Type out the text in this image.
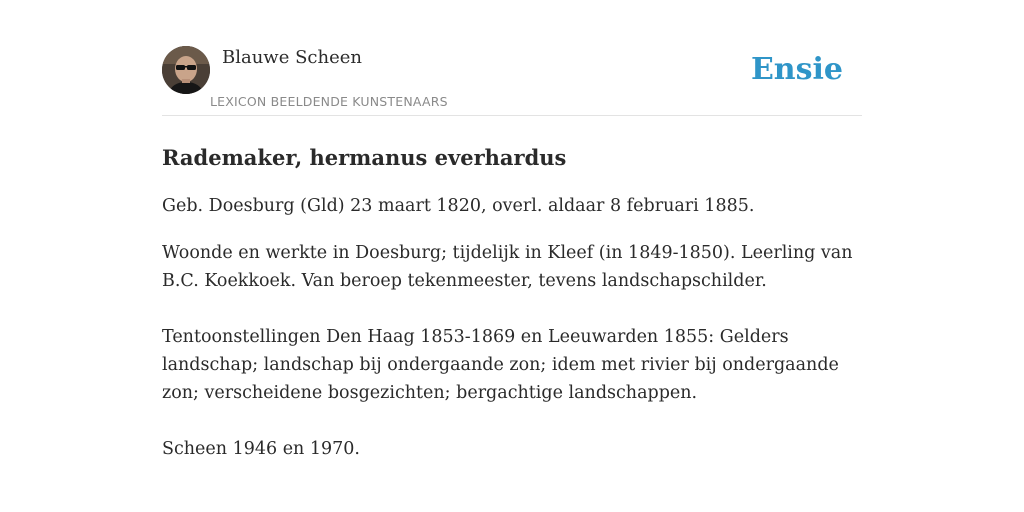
Blauwe Scheen
LEXICON BEELDENDE KUNSTENAARS
Ensie
Rademaker, hermanus everhardus

Geb. Doesburg (Gld) 23 maart 1820, overl. aldaar 8 februari 1885.

Woonde en werkte in Doesburg; tijdelijk in Kleef (in 1849-1850). Leerling van B.C. Koekkoek. Van beroep tekenmeester, tevens landschapschilder.

Tentoonstellingen Den Haag 1853-1869 en Leeuwarden 1855: Gelders landschap; landschap bij ondergaande zon; idem met rivier bij ondergaande zon; verscheidene bosgezichten; bergachtige landschappen.

Scheen 1946 en 1970.
